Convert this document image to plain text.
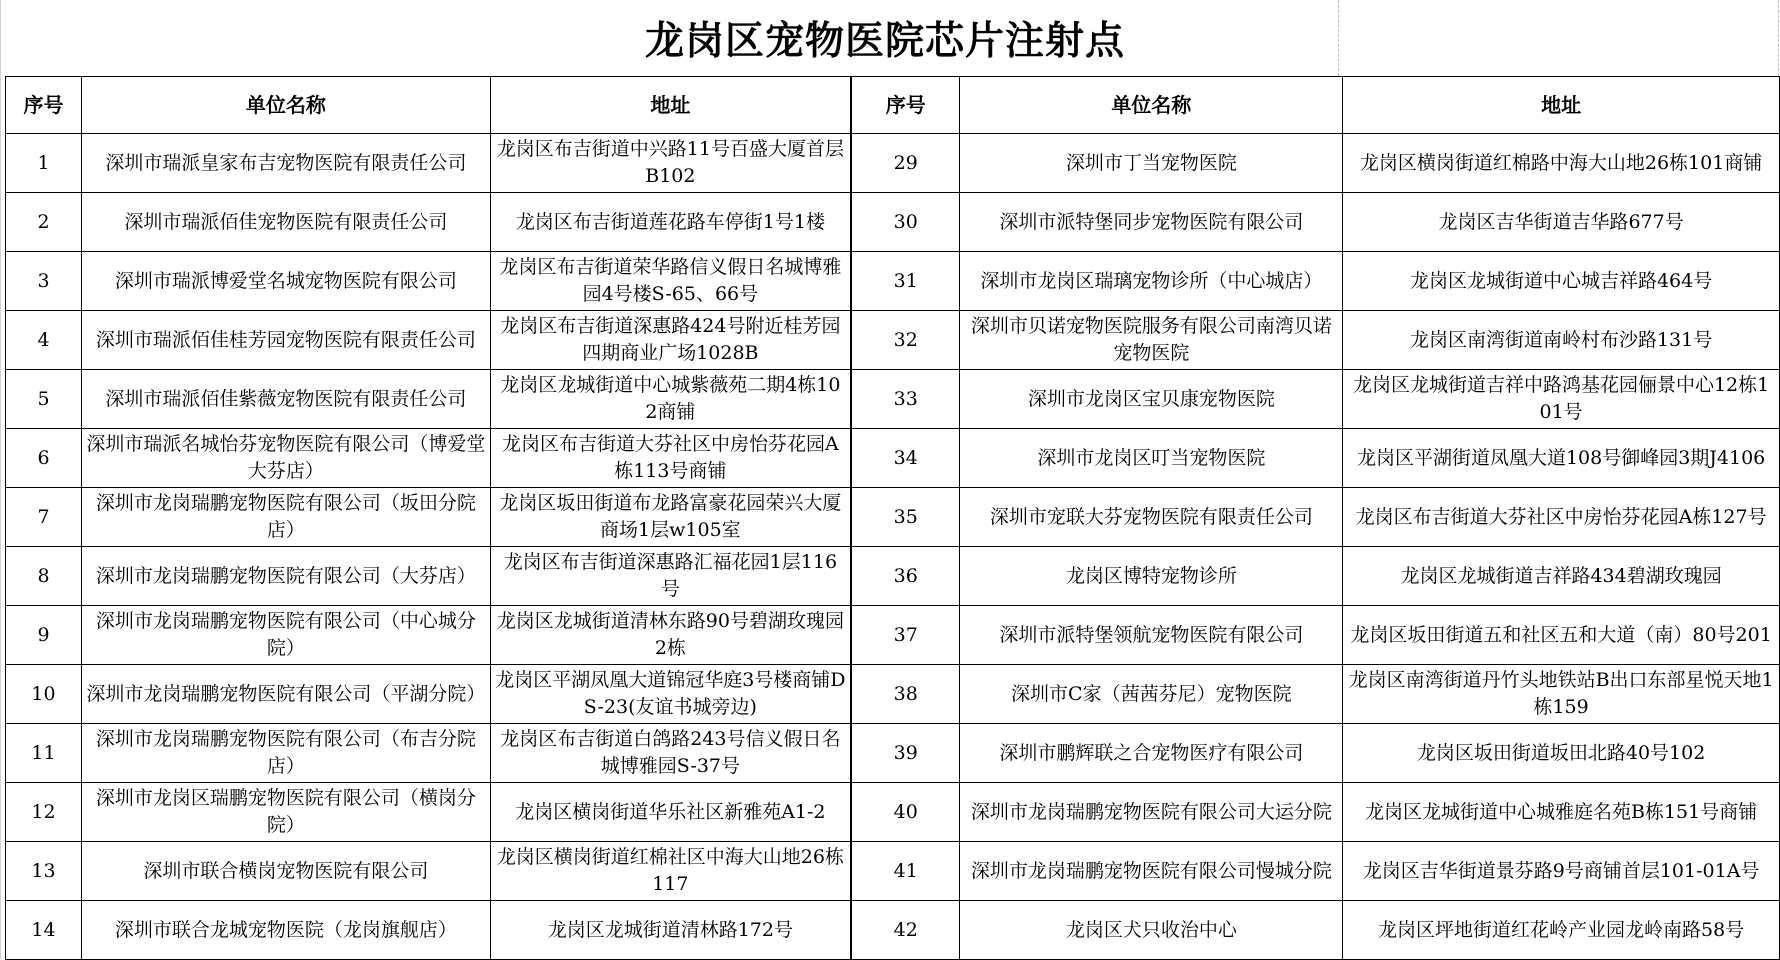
龙岗区宠物医院芯片注射点
序号	单位名称	地址	序号	单位名称	地址
1	深圳市瑞派皇家布吉宠物医院有限责任公司	龙岗区布吉街道中兴路11号百盛大厦首层B102	29	深圳市丁当宠物医院	龙岗区横岗街道红棉路中海大山地26栋101商铺
2	深圳市瑞派佰佳宠物医院有限责任公司	龙岗区布吉街道莲花路车停街1号1楼	30	深圳市派特堡同步宠物医院有限公司	龙岗区吉华街道吉华路677号
3	深圳市瑞派博爱堂名城宠物医院有限公司	龙岗区布吉街道荣华路信义假日名城博雅园4号楼S-65、66号	31	深圳市龙岗区瑞璃宠物诊所（中心城店）	龙岗区龙城街道中心城吉祥路464号
4	深圳市瑞派佰佳桂芳园宠物医院有限责任公司	龙岗区布吉街道深惠路424号附近桂芳园四期商业广场1028B	32	深圳市贝诺宠物医院服务有限公司南湾贝诺宠物医院	龙岗区南湾街道南岭村布沙路131号
5	深圳市瑞派佰佳紫薇宠物医院有限责任公司	龙岗区龙城街道中心城紫薇苑二期4栋102商铺	33	深圳市龙岗区宝贝康宠物医院	龙岗区龙城街道吉祥中路鸿基花园俪景中心12栋101号
6	深圳市瑞派名城怡芬宠物医院有限公司（博爱堂大芬店）	龙岗区布吉街道大芬社区中房怡芬花园A栋113号商铺	34	深圳市龙岗区叮当宠物医院	龙岗区平湖街道凤凰大道108号御峰园3期J4106
7	深圳市龙岗瑞鹏宠物医院有限公司（坂田分院店）	龙岗区坂田街道布龙路富豪花园荣兴大厦商场1层w105室	35	深圳市宠联大芬宠物医院有限责任公司	龙岗区布吉街道大芬社区中房怡芬花园A栋127号
8	深圳市龙岗瑞鹏宠物医院有限公司（大芬店）	龙岗区布吉街道深惠路汇福花园1层116号	36	龙岗区博特宠物诊所	龙岗区龙城街道吉祥路434碧湖玫瑰园
9	深圳市龙岗瑞鹏宠物医院有限公司（中心城分院）	龙岗区龙城街道清林东路90号碧湖玫瑰园2栋	37	深圳市派特堡领航宠物医院有限公司	龙岗区坂田街道五和社区五和大道（南）80号201
10	深圳市龙岗瑞鹏宠物医院有限公司（平湖分院）	龙岗区平湖凤凰大道锦冠华庭3号楼商铺DS-23(友谊书城旁边)	38	深圳市C家（茜茜芬尼）宠物医院	龙岗区南湾街道丹竹头地铁站B出口东部星悦天地1栋159
11	深圳市龙岗瑞鹏宠物医院有限公司（布吉分院店）	龙岗区布吉街道白鸽路243号信义假日名城博雅园S-37号	39	深圳市鹏辉联之合宠物医疗有限公司	龙岗区坂田街道坂田北路40号102
12	深圳市龙岗区瑞鹏宠物医院有限公司（横岗分院）	龙岗区横岗街道华乐社区新雅苑A1-2	40	深圳市龙岗瑞鹏宠物医院有限公司大运分院	龙岗区龙城街道中心城雅庭名苑B栋151号商铺
13	深圳市联合横岗宠物医院有限公司	龙岗区横岗街道红棉社区中海大山地26栋117	41	深圳市龙岗瑞鹏宠物医院有限公司慢城分院	龙岗区吉华街道景芬路9号商铺首层101-01A号
14	深圳市联合龙城宠物医院（龙岗旗舰店）	龙岗区龙城街道清林路172号	42	龙岗区犬只收治中心	龙岗区坪地街道红花岭产业园龙岭南路58号
